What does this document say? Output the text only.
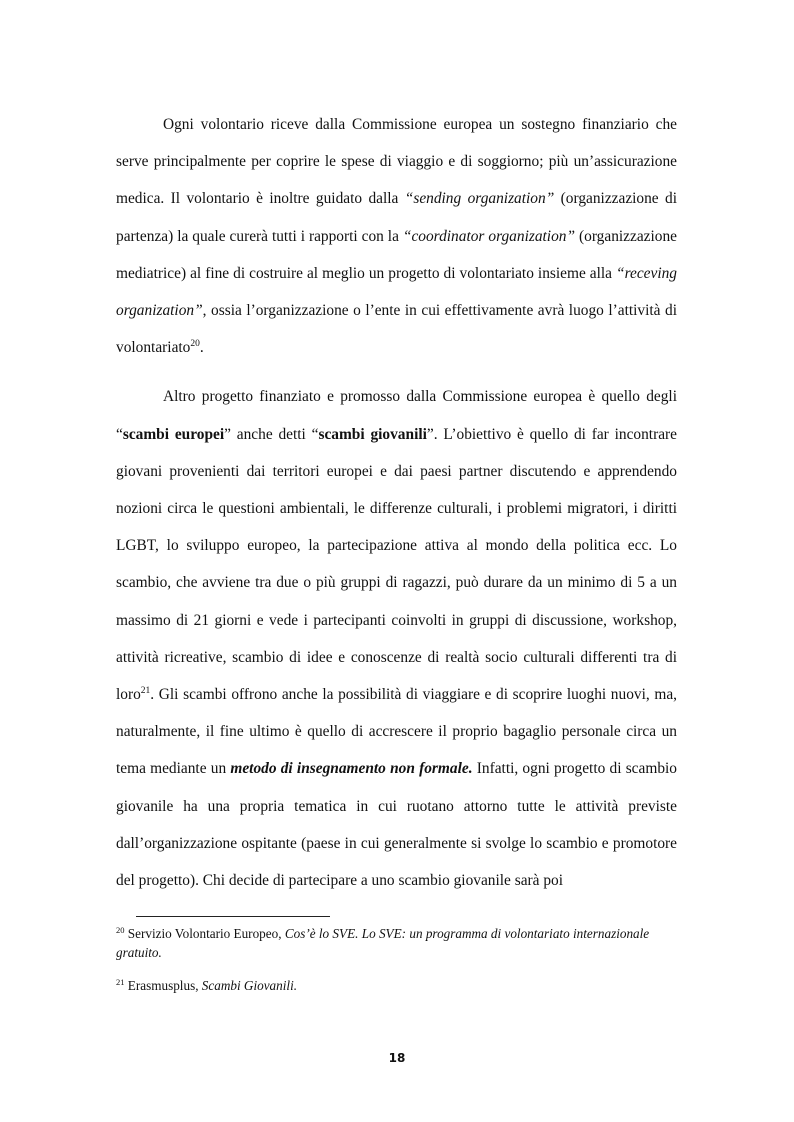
Ogni volontario riceve dalla Commissione europea un sostegno finanziario che serve principalmente per coprire le spese di viaggio e di soggiorno; più un’assicurazione medica. Il volontario è inoltre guidato dalla “sending organization” (organizzazione di partenza) la quale curerà tutti i rapporti con la “coordinator organization” (organizzazione mediatrice) al fine di costruire al meglio un progetto di volontariato insieme alla “receving organization”, ossia l’organizzazione o l’ente in cui effettivamente avrà luogo l’attività di volontariato$^{20}$.

Altro progetto finanziato e promosso dalla Commissione europea è quello degli “scambi europei” anche detti “scambi giovanili”. L’obiettivo è quello di far incontrare giovani provenienti dai territori europei e dai paesi partner discutendo e apprendendo nozioni circa le questioni ambientali, le differenze culturali, i problemi migratori, i diritti LGBT, lo sviluppo europeo, la partecipazione attiva al mondo della politica ecc. Lo scambio, che avviene tra due o più gruppi di ragazzi, può durare da un minimo di 5 a un massimo di 21 giorni e vede i partecipanti coinvolti in gruppi di discussione, workshop, attività ricreative, scambio di idee e conoscenze di realtà socio culturali differenti tra di loro$^{21}$. Gli scambi offrono anche la possibilità di viaggiare e di scoprire luoghi nuovi, ma, naturalmente, il fine ultimo è quello di accrescere il proprio bagaglio personale circa un tema mediante un metodo di insegnamento non formale. Infatti, ogni progetto di scambio giovanile ha una propria tematica in cui ruotano attorno tutte le attività previste dall’organizzazione ospitante (paese in cui generalmente si svolge lo scambio e promotore del progetto). Chi decide di partecipare a uno scambio giovanile sarà poi

$^{20}$ Servizio Volontario Europeo, Cos’è lo SVE. Lo SVE: un programma di volontariato internazionale gratuito.

$^{21}$ Erasmusplus, Scambi Giovanili.

18
